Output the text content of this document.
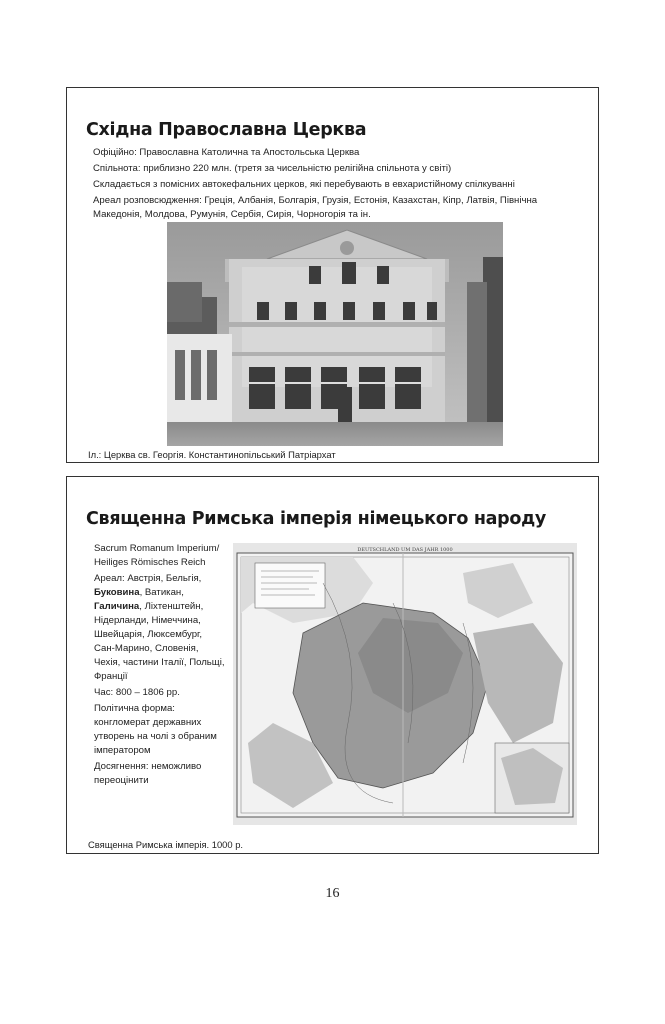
Східна Православна Церква
Офіційно: Православна Католична та Апостольська Церква
Спільнота: приблизно 220 млн. (третя за чисельністю релігійна спільнота у світі)
Складається з помісних автокефальних церков, які перебувають в евхаристійному спілкуванні
Ареал розповсюдження: Греція, Албанія, Болгарія, Грузія, Естонія, Казахстан, Кіпр, Латвія, Північна
Македонія, Молдова, Румунія, Сербія, Сирія, Чорногорія та ін.
Іл.: Церква св. Георгія. Константинопільський Патріархат
Священна Римська імперія німецького народу
Sacrum Romanum Imperium/
Heiliges Römisches Reich
Ареал: Австрія, Бельгія,
Буковина, Ватикан,
Галичина, Ліхтенштейн,
Нідерланди, Німеччина,
Швейцарія, Люксембург,
Сан-Марино, Словенія,
Чехія, частини Італії, Польщі,
Франції
Час: 800 – 1806 рр.
Політична форма:
конгломерат державних
утворень на чолі з обраним
імператором
Досягнення: неможливо
переоцінити
DEUTSCHLAND UM DAS JAHR 1000
Священна Римська імперія. 1000 р.
16
